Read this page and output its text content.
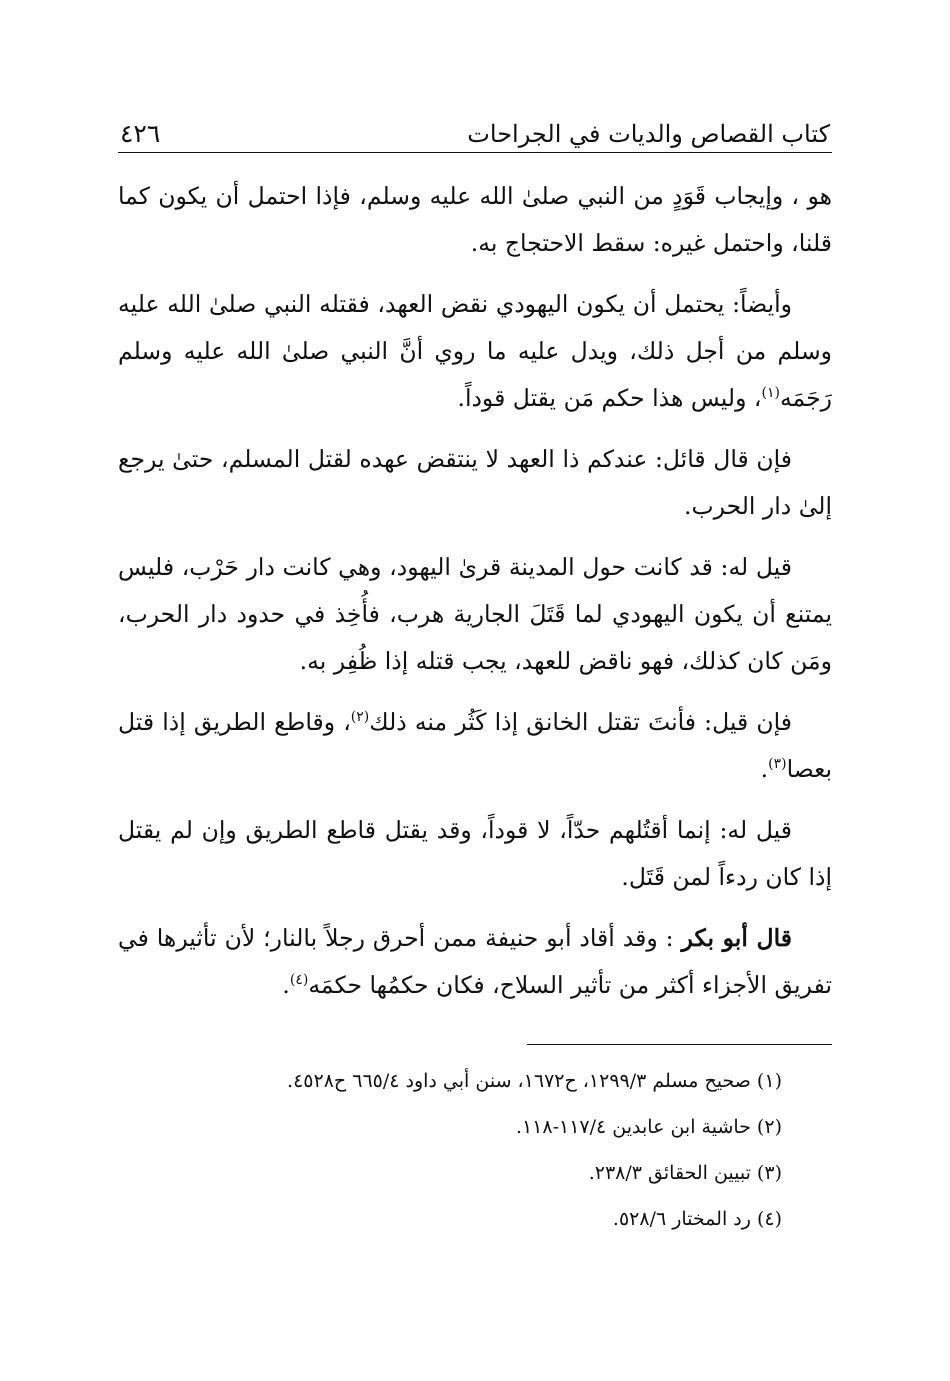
كتاب القصاص والديات في الجراحات
٤٢٦

هو ، وإيجاب قَوَدٍ من النبي صلىٰ الله عليه وسلم، فإذا احتمل أن يكون كما قلنا، واحتمل غيره: سقط الاحتجاج به.

وأيضاً: يحتمل أن يكون اليهودي نقض العهد، فقتله النبي صلىٰ الله عليه وسلم من أجل ذلك، ويدل عليه ما روي أنَّ النبي صلىٰ الله عليه وسلم رَجَمَه$^{(١)}$، وليس هذا حكم مَن يقتل قوداً.

فإن قال قائل: عندكم ذا العهد لا ينتقض عهده لقتل المسلم، حتىٰ يرجع إلىٰ دار الحرب.

قيل له: قد كانت حول المدينة قرىٰ اليهود، وهي كانت دار حَرْب، فليس يمتنع أن يكون اليهودي لما قَتَلَ الجارية هرب، فأُخِذ في حدود دار الحرب، ومَن كان كذلك، فهو ناقض للعهد، يجب قتله إذا ظُفِر به.

فإن قيل: فأنتَ تقتل الخانق إذا كَثُر منه ذلك$^{(٢)}$، وقاطع الطريق إذا قتل بعصا$^{(٣)}$.

قيل له: إنما أقتُلهم حدّاً، لا قوداً، وقد يقتل قاطع الطريق وإن لم يقتل إذا كان ردءاً لمن قَتَل.

قال أبو بكر : وقد أقاد أبو حنيفة ممن أحرق رجلاً بالنار؛ لأن تأثيرها في تفريق الأجزاء أكثر من تأثير السلاح، فكان حكمُها حكمَه$^{(٤)}$.

(١) صحيح مسلم ١٢٩٩/٣، ح١٦٧٢، سنن أبي داود ٦٦٥/٤ ح٤٥٢٨.
(٢) حاشية ابن عابدين ١١٧/٤-١١٨.
(٣) تبيين الحقائق ٢٣٨/٣.
(٤) رد المختار ٥٢٨/٦.
